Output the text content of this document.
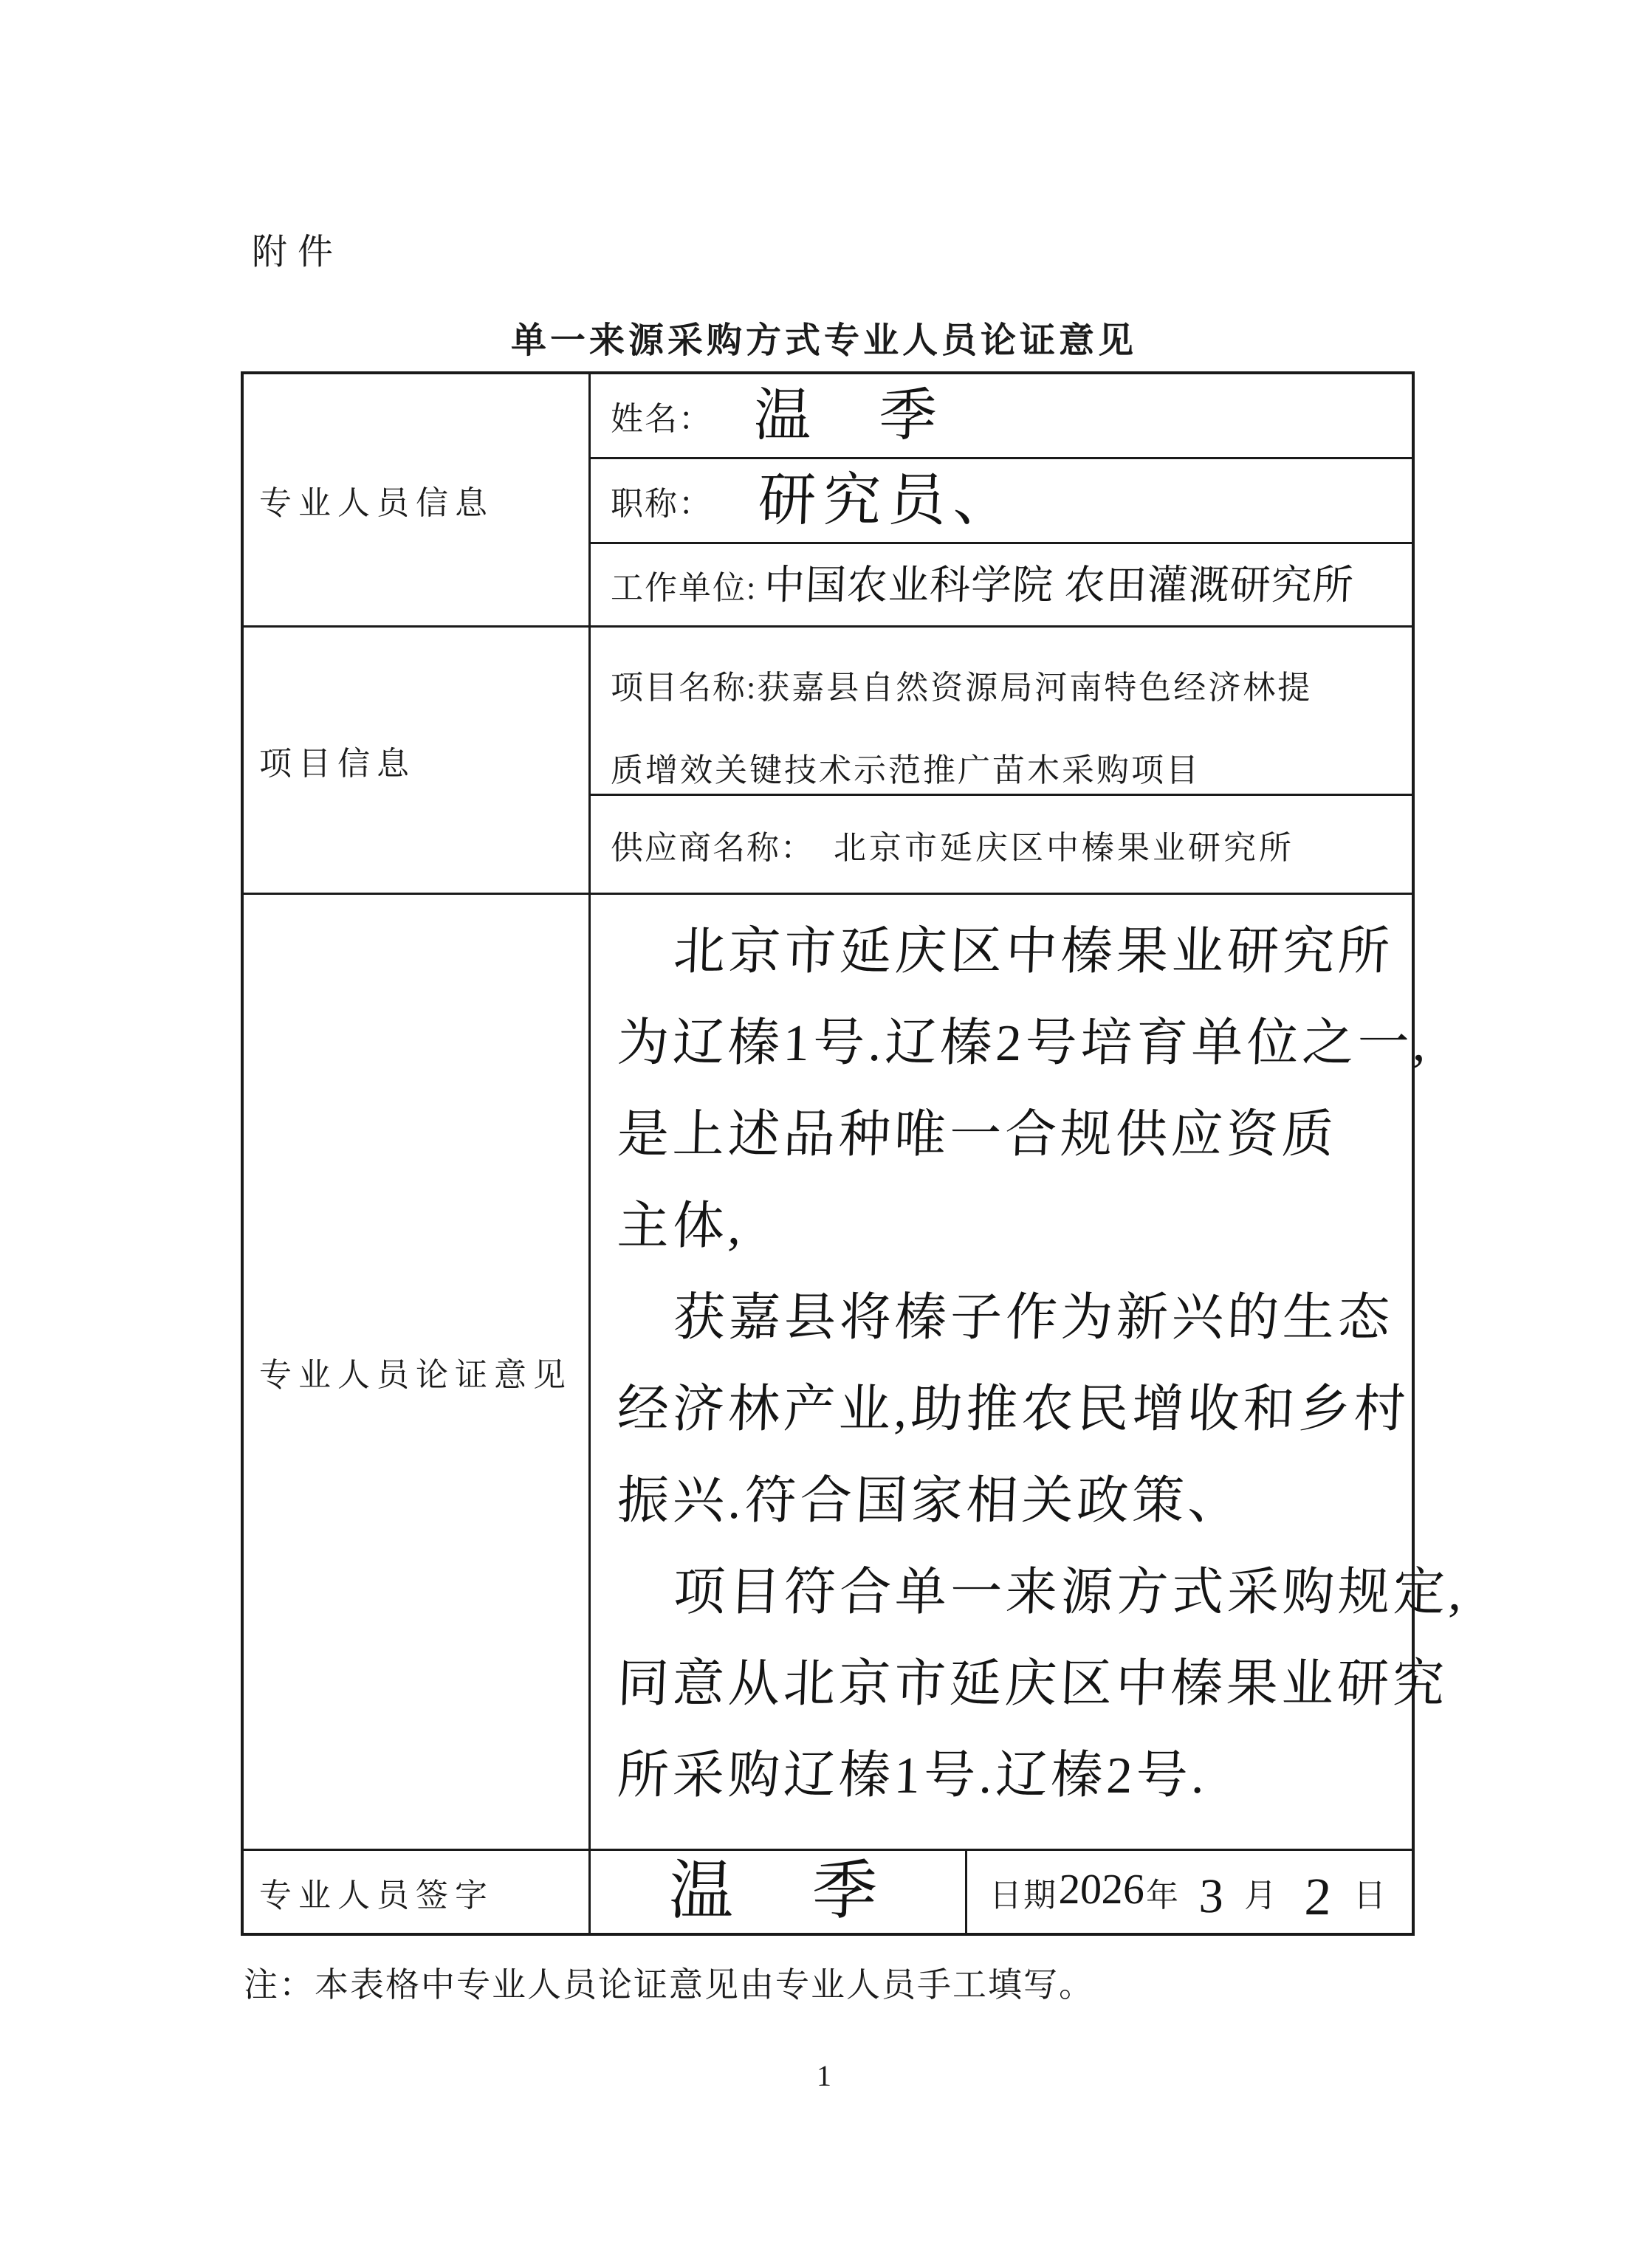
附件
单一来源采购方式专业人员论证意见
专业人员信息
姓名： 温 季
职称： 研究员、
工作单位: 中国农业科学院 农田灌溉研究所
项目信息
项目名称:获嘉县自然资源局河南特色经济林提质增效关键技术示范推广苗木采购项目
供应商名称： 北京市延庆区中榛果业研究所
专业人员论证意见
北京市延庆区中榛果业研究所
为辽榛1号.辽榛2号培育单位之一,
是上述品种唯一合规供应资质
主体,
获嘉县将榛子作为新兴的生态
经济林产业,助推农民增收和乡村
振兴.符合国家相关政策、
项目符合单一来源方式采购规定,
同意从北京市延庆区中榛果业研究
所采购辽榛1号.辽榛2号.
专业人员签字	温 季 日期 2026 年 3 月 2 日
注：本表格中专业人员论证意见由专业人员手工填写。
1
